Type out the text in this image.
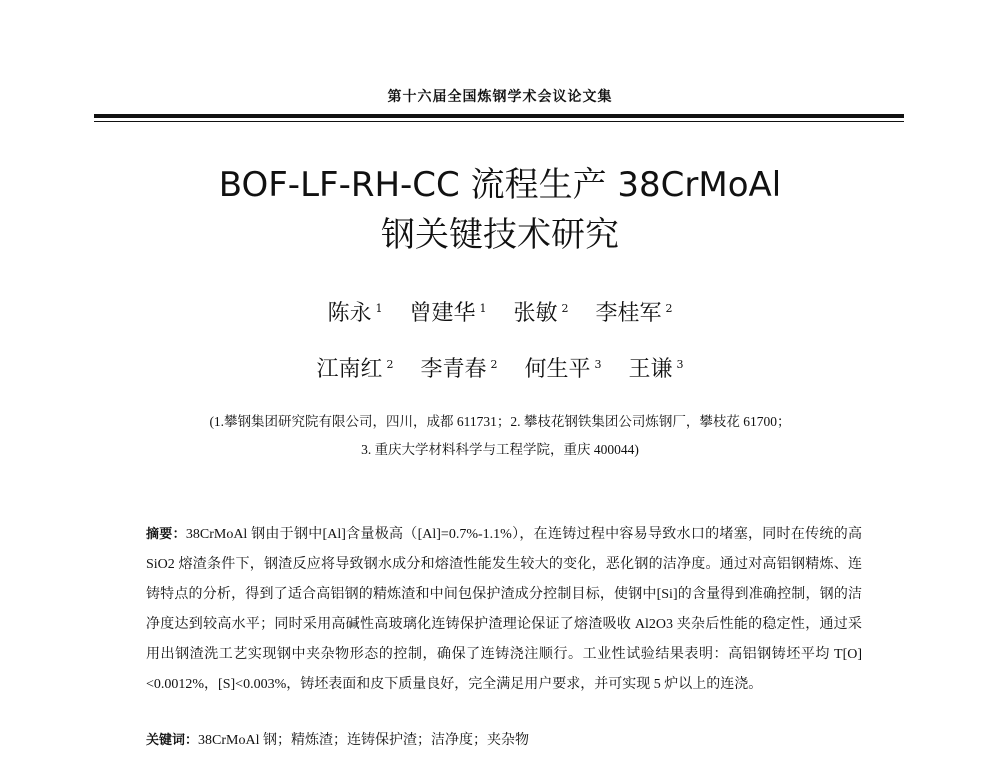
第十六届全国炼钢学术会议论文集
BOF-LF-RH-CC 流程生产 38CrMoAl
钢关键技术研究
陈永 $^1$ 曾建华 $^1$ 张敏 $^2$ 李桂军 $^2$
江南红 $^2$ 李青春 $^2$ 何生平 $^3$ 王谦 $^3$
(1.攀钢集团研究院有限公司，四川，成都 611731；2. 攀枝花钢铁集团公司炼钢厂，攀枝花 61700；
3. 重庆大学材料科学与工程学院，重庆 400044)
摘要：38CrMoAl 钢由于钢中[Al]含量极高（[Al]=0.7%-1.1%），在连铸过程中容易导致水口的堵塞，同时在传统的高 SiO2 熔渣条件下，钢渣反应将导致钢水成分和熔渣性能发生较大的变化，恶化钢的洁净度。通过对高铝钢精炼、连铸特点的分析，得到了适合高铝钢的精炼渣和中间包保护渣成分控制目标，使钢中[Si]的含量得到准确控制，钢的洁净度达到较高水平；同时采用高碱性高玻璃化连铸保护渣理论保证了熔渣吸收 Al2O3 夹杂后性能的稳定性，通过采用出钢渣洗工艺实现钢中夹杂物形态的控制，确保了连铸浇注顺行。工业性试验结果表明：高铝钢铸坯平均 T[O]<0.0012%，[S]<0.003%，铸坯表面和皮下质量良好，完全满足用户要求，并可实现 5 炉以上的连浇。
关键词：38CrMoAl 钢；精炼渣；连铸保护渣；洁净度；夹杂物
